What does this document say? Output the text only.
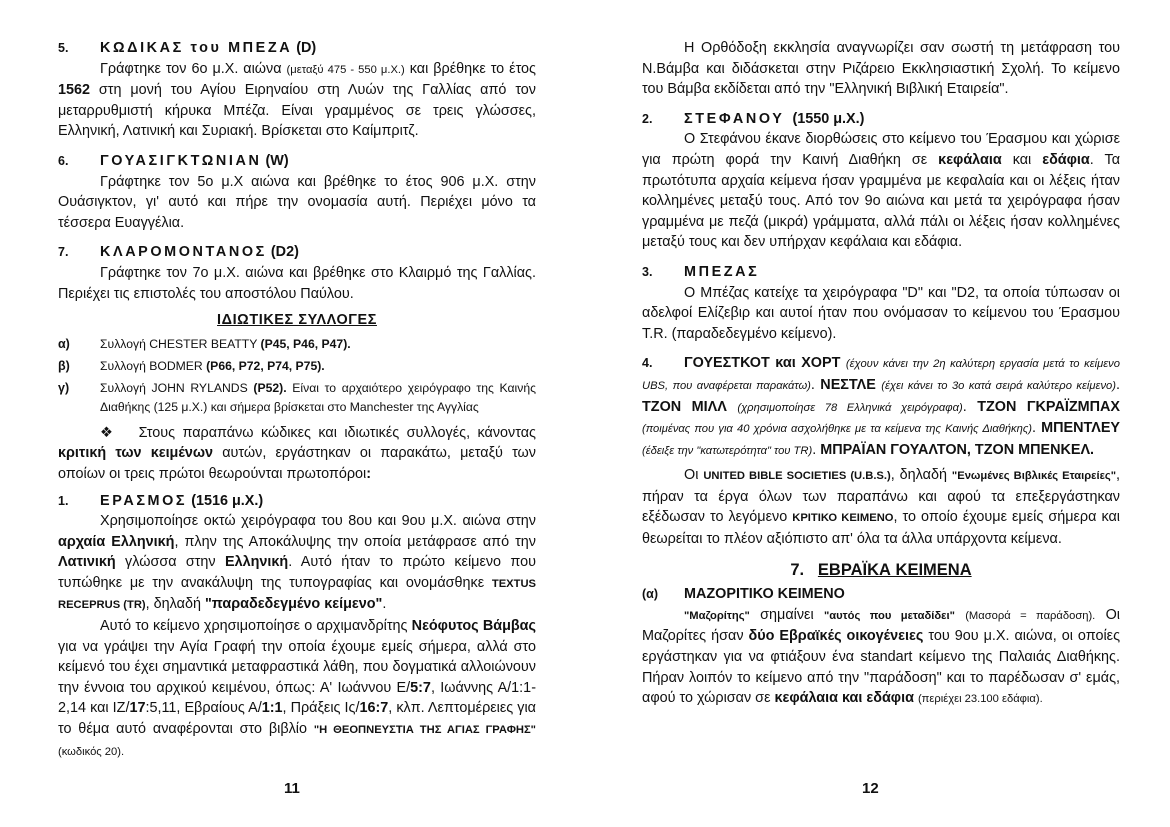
5. ΚΩΔΙΚΑΣ του ΜΠΕΖΑ (D)
Γράφτηκε τον 6ο μ.Χ. αιώνα (μεταξύ 475 - 550 μ.Χ.) και βρέθηκε το έτος 1562 στη μονή του Αγίου Ειρηναίου στη Λυών της Γαλλίας από τον μεταρρυθμιστή κήρυκα Μπέζα. Είναι γραμμένος σε τρεις γλώσσες, Ελληνική, Λατινική και Συριακή. Βρίσκεται στο Καίμπριτζ.
6. ΓΟΥΑΣΙΓΚΤΩΝΙΑΝ (W)
Γράφτηκε τον 5ο μ.Χ αιώνα και βρέθηκε το έτος 906 μ.Χ. στην Ουάσιγκτον, γι' αυτό και πήρε την ονομασία αυτή. Περιέχει μόνο τα τέσσερα Ευαγγέλια.
7. ΚΛΑΡΟΜΟΝΤΑΝΟΣ (D2)
Γράφτηκε τον 7ο μ.Χ. αιώνα και βρέθηκε στο Κλαιρμό της Γαλλίας. Περιέχει τις επιστολές του αποστόλου Παύλου.
ΙΔΙΩΤΙΚΕΣ ΣΥΛΛΟΓΕΣ
α) Συλλογή CHESTER BEATTY (P45, P46, P47).
β) Συλλογή BODMER (P66, P72, P74, P75).
γ)	Συλλογή JOHN RYLANDS (P52). Είναι το αρχαιότερο χειρόγραφο της Καινής Διαθήκης (125 μ.Χ.) και σήμερα βρίσκεται στο Manchester της Αγγλίας
❖ Στους παραπάνω κώδικες και ιδιωτικές συλλογές, κάνοντας κριτική των κειμένων αυτών, εργάστηκαν οι παρακάτω, μεταξύ των οποίων οι τρεις πρώτοι θεωρούνται πρωτοπόροι:
1. ΕΡΑΣΜΟΣ (1516 μ.Χ.)
Χρησιμοποίησε οκτώ χειρόγραφα του 8ου και 9ου μ.Χ. αιώνα στην αρχαία Ελληνική, πλην της Αποκάλυψης την οποία μετάφρασε από την Λατινική γλώσσα στην Ελληνική. Αυτό ήταν το πρώτο κείμενο που τυπώθηκε με την ανακάλυψη της τυπογραφίας και ονομάσθηκε TEXTUS RECEPRUS (TR), δηλαδή "παραδεδεγμένο κείμενο".
Αυτό το κείμενο χρησιμοποίησε ο αρχιμανδρίτης Νεόφυτος Βάμβας για να γράψει την Αγία Γραφή την οποία έχουμε εμείς σήμερα, αλλά στο κείμενό του έχει σημαντικά μεταφραστικά λάθη, που δογματικά αλλοιώνουν την έννοια του αρχικού κειμένου, όπως: Α' Ιωάννου Ε/5:7, Ιωάννης Α/1:1-2,14 και ΙΖ/17:5,11, Εβραίους Α/1:1, Πράξεις Ις/16:7, κλπ. Λεπτομέρειες για το θέμα αυτό αναφέρονται στο βιβλίο "Η ΘΕΟΠΝΕΥΣΤΙΑ ΤΗΣ ΑΓΙΑΣ ΓΡΑΦΗΣ" (κωδικός 20).
11
Η Ορθόδοξη εκκλησία αναγνωρίζει σαν σωστή τη μετάφραση του Ν.Βάμβα και διδάσκεται στην Ριζάρειο Εκκλησιαστική Σχολή. Το κείμενο του Βάμβα εκδίδεται από την "Ελληνική Βιβλική Εταιρεία".
2. ΣΤΕΦΑΝΟΥ (1550 μ.Χ.)
Ο Στεφάνου έκανε διορθώσεις στο κείμενο του Έρασμου και χώρισε για πρώτη φορά την Καινή Διαθήκη σε κεφάλαια και εδάφια. Τα πρωτότυπα αρχαία κείμενα ήσαν γραμμένα με κεφαλαία και οι λέξεις ήταν κολλημένες μεταξύ τους. Από τον 9ο αιώνα και μετά τα χειρόγραφα ήσαν γραμμένα με πεζά (μικρά) γράμματα, αλλά πάλι οι λέξεις ήσαν κολλημένες μεταξύ τους και δεν υπήρχαν κεφάλαια και εδάφια.
3. ΜΠΕΖΑΣ
Ο Μπέζας κατείχε τα χειρόγραφα "D" και "D2, τα οποία τύπωσαν οι αδελφοί Ελίζεβιρ και αυτοί ήταν που ονόμασαν το κείμενου του Έρασμου T.R. (παραδεδεγμένο κείμενο).
4. ΓΟΥΕΣΤΚΟΤ και ΧΟΡΤ (έχουν κάνει την 2η καλύτερη εργασία μετά το κείμενο UBS, που αναφέρεται παρακάτω). ΝΕΣΤΛΕ (έχει κάνει το 3ο κατά σειρά καλύτερο κείμενο). ΤΖΟΝ ΜΙΛΛ (χρησιμοποίησε 78 Ελληνικά χειρόγραφα). ΤΖΟΝ ΓΚΡΑΪΖΜΠΑΧ (ποιμένας που για 40 χρόνια ασχολήθηκε με τα κείμενα της Καινής Διαθήκης). ΜΠΕΝΤΛΕΥ (έδειξε την "κατωτερότητα" του TR). ΜΠΡΑΪΑΝ ΓΟΥΑΛΤΟΝ, ΤΖΟΝ ΜΠΕΝΚΕΛ.
Οι UNITED BIBLE SOCIETIES (U.B.S.), δηλαδή "Ενωμένες Βιβλικές Εταιρείες", πήραν τα έργα όλων των παραπάνω και αφού τα επεξεργάστηκαν εξέδωσαν το λεγόμενο ΚΡΙΤΙΚΟ ΚΕΙΜΕΝΟ, το οποίο έχουμε εμείς σήμερα και θεωρείται το πλέον αξιόπιστο απ' όλα τα άλλα υπάρχοντα κείμενα.
7. ΕΒΡΑΪΚΑ ΚΕΙΜΕΝΑ
(α) ΜΑΖΟΡΙΤΙΚΟ ΚΕΙΜΕΝΟ
"Μαζορίτης" σημαίνει "αυτός που μεταδίδει" (Μασορά = παράδοση). Οι Μαζορίτες ήσαν δύο Εβραϊκές οικογένειες του 9ου μ.Χ. αιώνα, οι οποίες εργάστηκαν για να φτιάξουν ένα standart κείμενο της Παλαιάς Διαθήκης. Πήραν λοιπόν το κείμενο από την "παράδοση" και το παρέδωσαν σ' εμάς, αφού το χώρισαν σε κεφάλαια και εδάφια (περιέχει 23.100 εδάφια).
12
